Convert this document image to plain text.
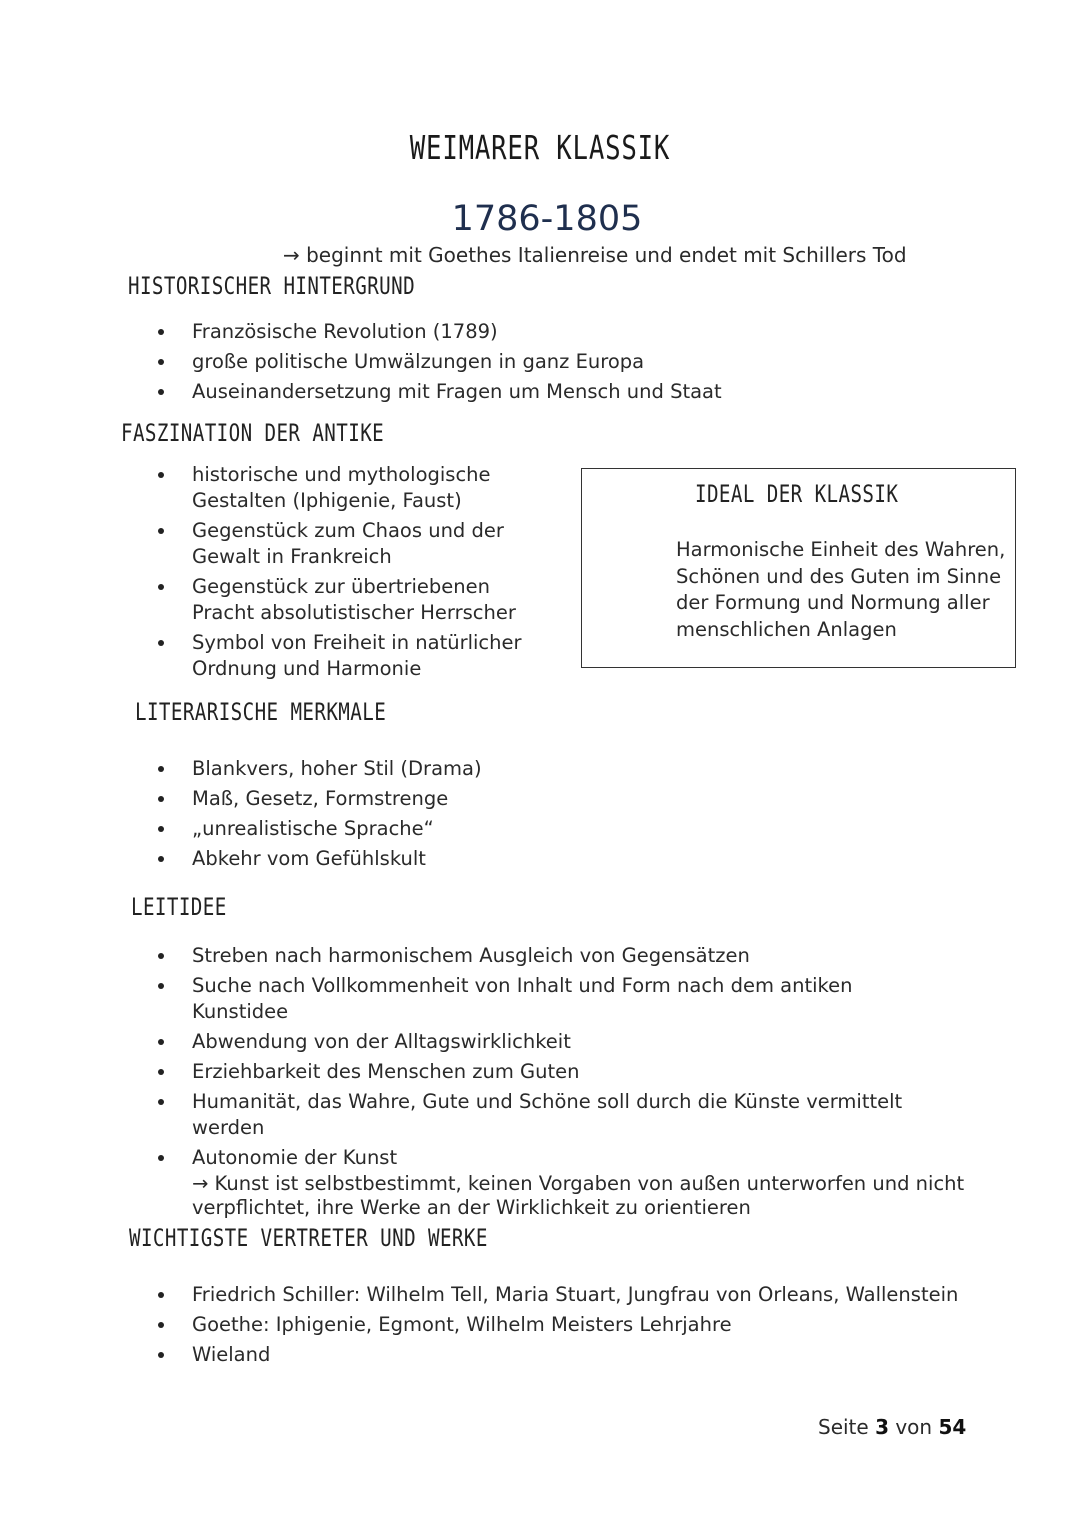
WEIMARER KLASSIK
1786-1805
→ beginnt mit Goethes Italienreise und endet mit Schillers Tod
HISTORISCHER HINTERGRUND
Französische Revolution (1789)
große politische Umwälzungen in ganz Europa
Auseinandersetzung mit Fragen um Mensch und Staat
FASZINATION DER ANTIKE
historische und mythologische Gestalten (Iphigenie, Faust)
Gegenstück zum Chaos und der Gewalt in Frankreich
Gegenstück zur übertriebenen Pracht absolutistischer Herrscher
Symbol von Freiheit in natürlicher Ordnung und Harmonie
IDEAL DER KLASSIK
Harmonische Einheit des Wahren, Schönen und des Guten im Sinne der Formung und Normung aller menschlichen Anlagen
LITERARISCHE MERKMALE
Blankvers, hoher Stil (Drama)
Maß, Gesetz, Formstrenge
„unrealistische Sprache“
Abkehr vom Gefühlskult
LEITIDEE
Streben nach harmonischem Ausgleich von Gegensätzen
Suche nach Vollkommenheit von Inhalt und Form nach dem antiken Kunstidee
Abwendung von der Alltagswirklichkeit
Erziehbarkeit des Menschen zum Guten
Humanität, das Wahre, Gute und Schöne soll durch die Künste vermittelt werden
Autonomie der Kunst
→ Kunst ist selbstbestimmt, keinen Vorgaben von außen unterworfen und nicht verpflichtet, ihre Werke an der Wirklichkeit zu orientieren
WICHTIGSTE VERTRETER UND WERKE
Friedrich Schiller: Wilhelm Tell, Maria Stuart, Jungfrau von Orleans, Wallenstein
Goethe: Iphigenie, Egmont, Wilhelm Meisters Lehrjahre
Wieland
Seite 3 von 54
